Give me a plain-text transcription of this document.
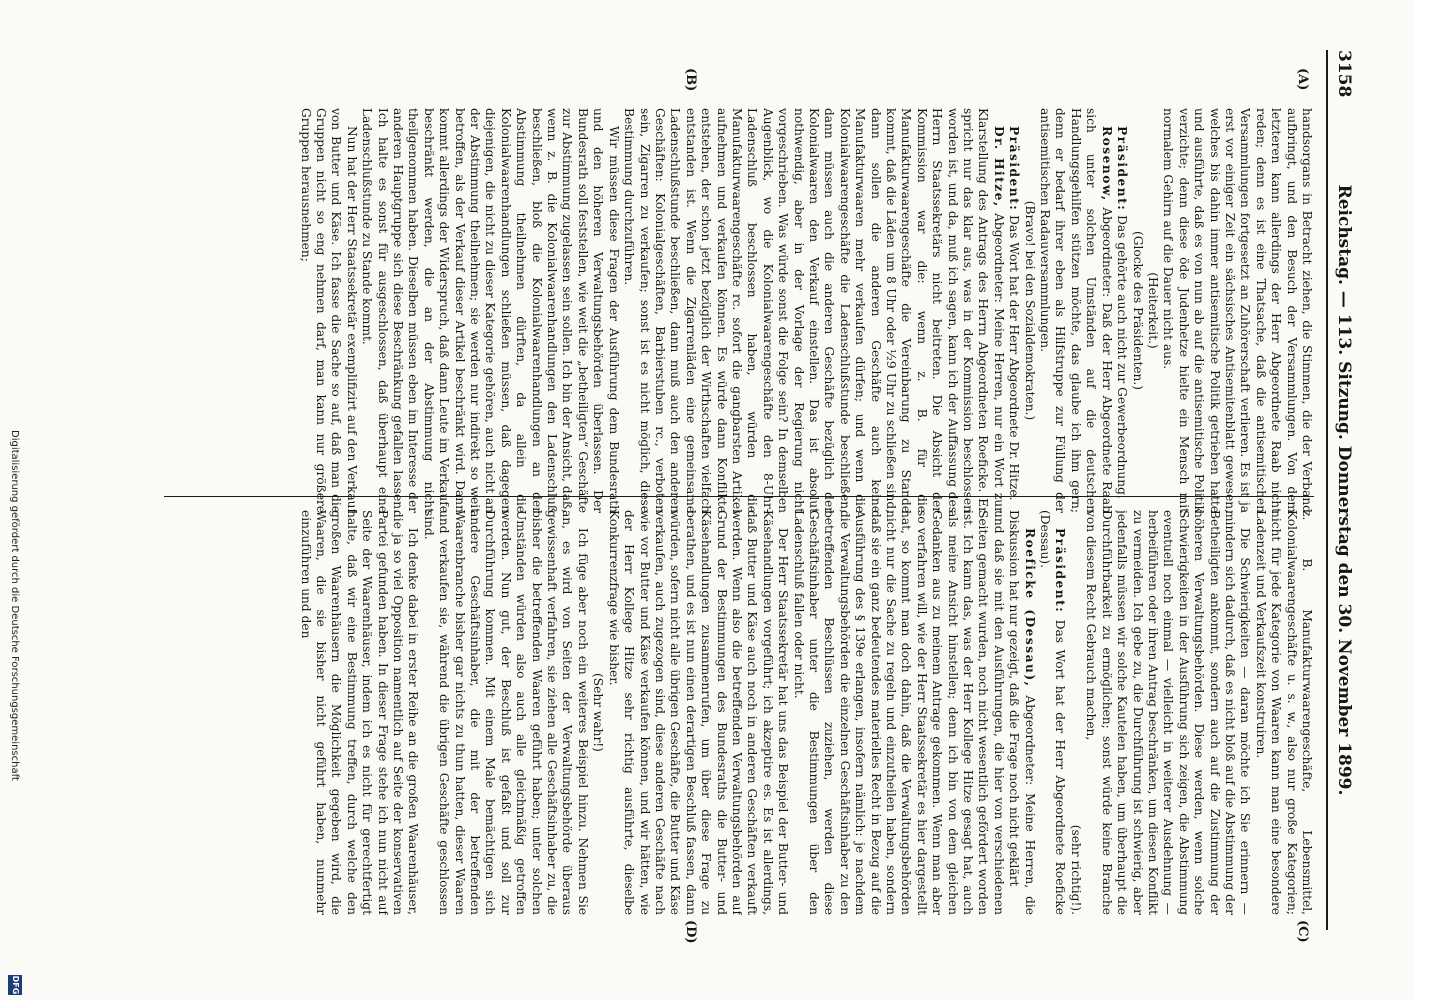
3158
Reichstag. — 113. Sitzung. Donnerstag den 30. November 1899.
(A)
(B)
(C)
(D)

handsorgans in Betracht ziehen, die Stimmen, die der Verband aufbringt, und den Besuch der Versammlungen. Von dem letzteren kann allerdings der Herr Abgeordnete Raab nicht reden; denn es ist eine Thatsache, daß die antisemitischen Versammlungen fortgesetzt an Zuhörerschaft verlieren. Es ist ja erst vor einiger Zeit ein sächsisches Antisemitenblatt gewesen, welches bis dahin immer antisemitische Politik getrieben hatte und ausführte, daß es von nun ab auf die antisemitische Politik verzichte; denn diese öde Judenhetze hielte ein Mensch mit normalem Gehirn auf die Dauer nicht aus.

(Heiterkeit.)

(Glocke des Präsidenten.)

Präsident: Das gehörte auch nicht zur Gewerbeordnung.

Rosenow, Abgeordneter: Daß der Herr Abgeordnete Raab sich unter solchen Umständen auf die deutschen Handlungsgehilfen stützen möchte, das glaube ich ihm gern; denn er bedarf ihrer eben als Hilfstruppe zur Füllung der antisemitischen Radauversammlungen.

(Bravo! bei den Sozialdemokraten.)

Präsident: Das Wort hat der Herr Abgeordnete Dr. Hitze.

Dr. Hitze, Abgeordneter: Meine Herren, nur ein Wort zur Klarstellung des Antrags des Herrn Abgeordneten Roeficke. Er spricht nur das klar aus, was in der Kommission beschlossen worden ist, und da, muß ich sagen, kann ich der Auffassung des Herrn Staatssekretärs nicht beitreten. Die Absicht der Kommission war die: wenn z. B. für die Manufakturwaarengeschäfte die Vereinbarung zu Stande kommt, daß die Läden um 8 Uhr oder ½9 Uhr zu schließen sind, dann sollen die anderen Geschäfte auch keine Manufakturwaaren mehr verkaufen dürfen; und wenn die Kolonialwaarengeschäfte die Ladenschlußstunde beschließen, dann müssen auch die anderen Geschäfte bezüglich der Kolonialwaaren den Verkauf einstellen. Das ist absolut nothwendig, aber in der Vorlage der Regierung nicht vorgeschrieben. Was würde sonst die Folge sein? In demselben Augenblick, wo die Kolonialwaarengeschäfte den 8-Uhr-Ladenschluß beschlossen haben, würden die Manufakturwaarengeschäfte rc. sofort die gangbarsten Artikel aufnehmen und verkaufen können. Es würde dann Konflikte entstehen, der schon jetzt bezüglich der Wirthschaften vielfach entstanden ist. Wenn die Zigarrenläden eine gemeinsame Ladenschlußstunde beschließen, dann muß auch den anderen Geschäften: Kolonialgeschäften, Barbierstuben rc., verboten sein, Zigarren zu verkaufen; sonst ist es nicht möglich, diese Bestimmung durchzuführen.

Wir müssen diese Fragen der Ausführung dem Bundesrath und den höheren Verwaltungsbehörden überlassen. Der Bundesrath soll feststellen, wie weit die „betheiligten“ Geschäfte zur Abstimmung zugelassen sein sollen. Ich bin der Ansicht, daß, wenn z. B. die Kolonialwaarenhandlungen den Ladenschluß beschließen, bloß die Kolonialwaarenhandlungen an der Abstimmung theilnehmen dürften, da allein die Kolonialwaarenhandlungen schließen müssen, daß dagegen diejenigen, die nicht zu dieser Kategorie gehören, auch nicht an der Abstimmung theilnehmen; sie werden nur indirekt so weit betroffen, als der Verkauf dieser Artikel beschränkt wird. Dann kommt allerdings der Widerspruch, daß dann Leute im Verkaufe beschränkt werden, die an der Abstimmung nicht theilgenommen haben. Dieselben müssen eben im Interesse der anderen Hauptgruppe sich diese Beschränkung gefallen lassen. Ich halte es sonst für ausgeschlossen, daß überhaupt eine Ladenschlußstunde zu Stande kommt.

Nun hat der Herr Staatssekretär exemplifizirt auf den Verkauf von Butter und Käse. Ich fasse die Sache so auf, daß man die Gruppen nicht so eng nehmen darf, man kann nur größere Gruppen herausnehmen;

z. B. Manufakturwaarengeschäfte, Lebensmittel, Kolonialwaarengeschäfte u. s. w., also nur große Kategorien; nicht für jede Kategorie von Waaren kann man eine besondere Ladenzeit und Verkaufszeit konstruiren.

Die Schwierigkeiten — daran möchte ich Sie erinnern — mindern sich dadurch, daß es nicht bloß auf die Abstimmung der Betheiligten ankommt, sondern auch auf die Zustimmung der höheren Verwaltungsbehörden. Diese werden, wenn solche Schwierigkeiten in der Ausführung sich zeigen, die Abstimmung eventuell noch einmal — vielleicht in weiterer Ausdehnung — herbeiführen oder ihren Antrag beschränken, um diesen Konflikt zu vermeiden. Ich gebe zu, die Durchführung ist schwierig, aber jedenfalls müssen wir solche Kautelen haben, um überhaupt die Durchführbarkeit zu ermöglichen; sonst würde keine Branche von diesem Recht Gebrauch machen,

(sehr richtig!).

Präsident: Das Wort hat der Herr Abgeordnete Roeficke (Dessau).

Roeficke (Dessau), Abgeordneter: Meine Herren, die Diskussion hat nur gezeigt, daß die Frage noch nicht geklärt

und daß sie mit den Ausführungen, die hier von verschiedenen Seiten gemacht wurden, noch nicht wesentlich gefördert worden ist. Ich kann das, was der Herr Kollege Hitze gesagt hat, auch als meine Ansicht hinstellen; denn ich bin von dem gleichen Gedanken aus zu meinem Antrage gekommen. Wenn man aber so verfahren will, wie der Herr Staatssekretär es hier dargestellt hat, so kommt man doch dahin, daß die Verwaltungsbehörden nicht nur die Sache zu regeln und einzutheilen haben, sondern daß sie ein ganz bedeutendes materielles Recht in Bezug auf die Ausführung des § 139e erlangen, insofern nämlich: je nachdem die Verwaltungsbehörden die einzelnen Geschäftsinhaber zu den betreffenden Beschlüssen zuziehen, werden diese Geschäftsinhaber unter die Bestimmungen über den Ladenschluß fallen oder nicht.

Der Herr Staatssekretär hat uns das Beispiel der Butter- und Käsehandlungen vorgeführt; ich akzeptire es. Es ist allerdings, daß Butter und Käse auch noch in anderen Geschäften verkauft werden. Wenn also die betreffenden Verwaltungsbehörden auf Grund der Bestimmungen des Bundesraths die Butter- und Käsehandlungen zusammenrufen, um über diese Frage zu berathen, und es ist nun einen derartigen Beschluß fassen, dann würden, sofern nicht alle übrigen Geschäfte, die Butter und Käse verkaufen, auch zugezogen sind, diese anderen Geschäfte nach wie vor Butter und Käse verkaufen können, und wir hätten, wie der Herr Kollege Hitze sehr richtig ausführte, dieselbe Konkurrenzfrage wie bisher.

(Sehr wahr!)

Ich füge aber noch ein weiteres Beispiel hinzu. Nehmen Sie an, es wird von Seiten der Verwaltungsbehörde überaus gewissenhaft verfahren, sie ziehen alle Geschäftsinhaber zu, die bisher die betreffenden Waaren geführt haben; unter solchen Umständen würden also auch alle gleichmäßig getroffen werden. Nun gut, der Beschluß ist gefaßt und soll zur Durchführung kommen. Mit einem Male bemächtigen sich andere Geschäftsinhaber, die mit der betreffenden Waarenbranche bisher gar nichts zu thun hatten, dieser Waaren und verkaufen sie, während die übrigen Geschäfte geschlossen sind.

Ich denke dabei in erster Reihe an die großen Waarenhäuser, die ja so viel Opposition namentlich auf Seite der konservativen Partei gefunden haben. In dieser Frage stehe ich nun nicht auf Seite der Waarenhäuser, indem ich es nicht für gerechtfertigt halte, daß wir eine Bestimmung treffen, durch welche den großen Waarenhäusern die Möglichkeit gegeben wird, die Waaren, die sie bisher nicht geführt haben, nunmehr einzuführen und den

Digitalisierung gefördert durch die Deutsche Forschungsgemeinschaft
DFG
